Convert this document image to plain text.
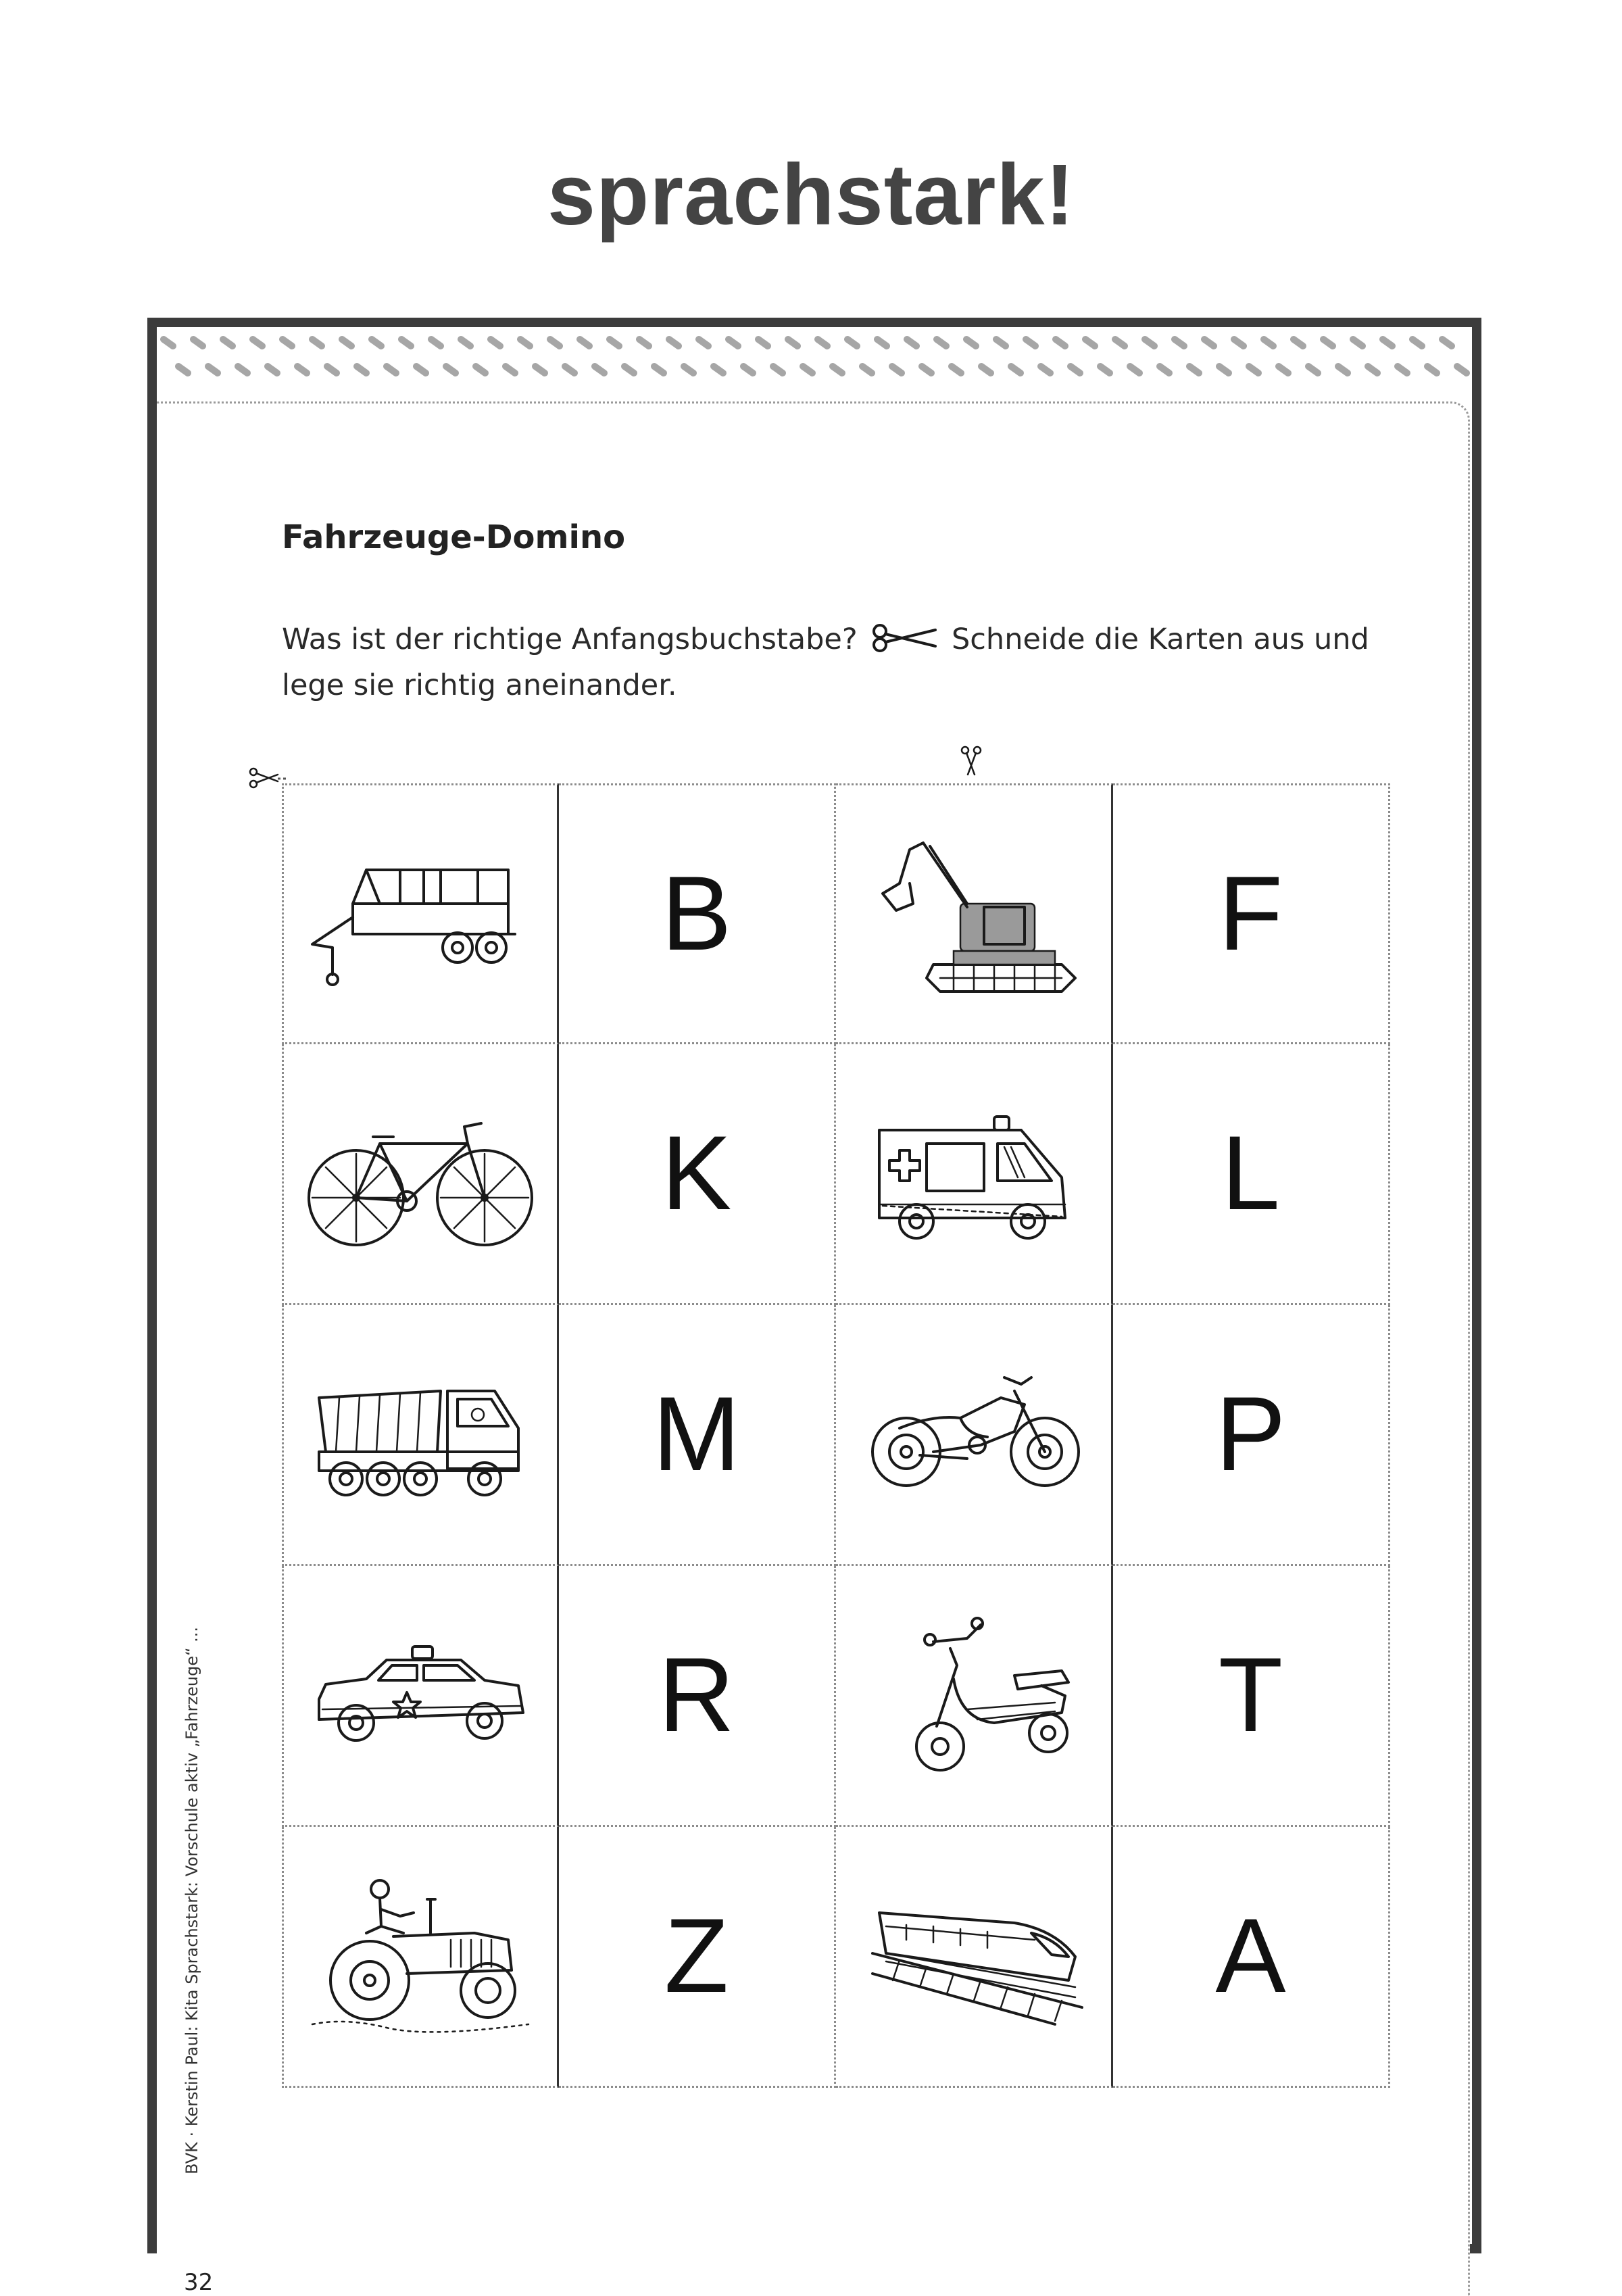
sprachstark!
Fahrzeuge-Domino
Was ist der richtige Anfangsbuchstabe?	Schneide die Karten aus und lege sie richtig aneinander.
B	F
K	L
M	P
R	T
Z	A
BVK · Kerstin Paul: Kita Sprachstark: Vorschule aktiv „Fahrzeuge“ ...
32
